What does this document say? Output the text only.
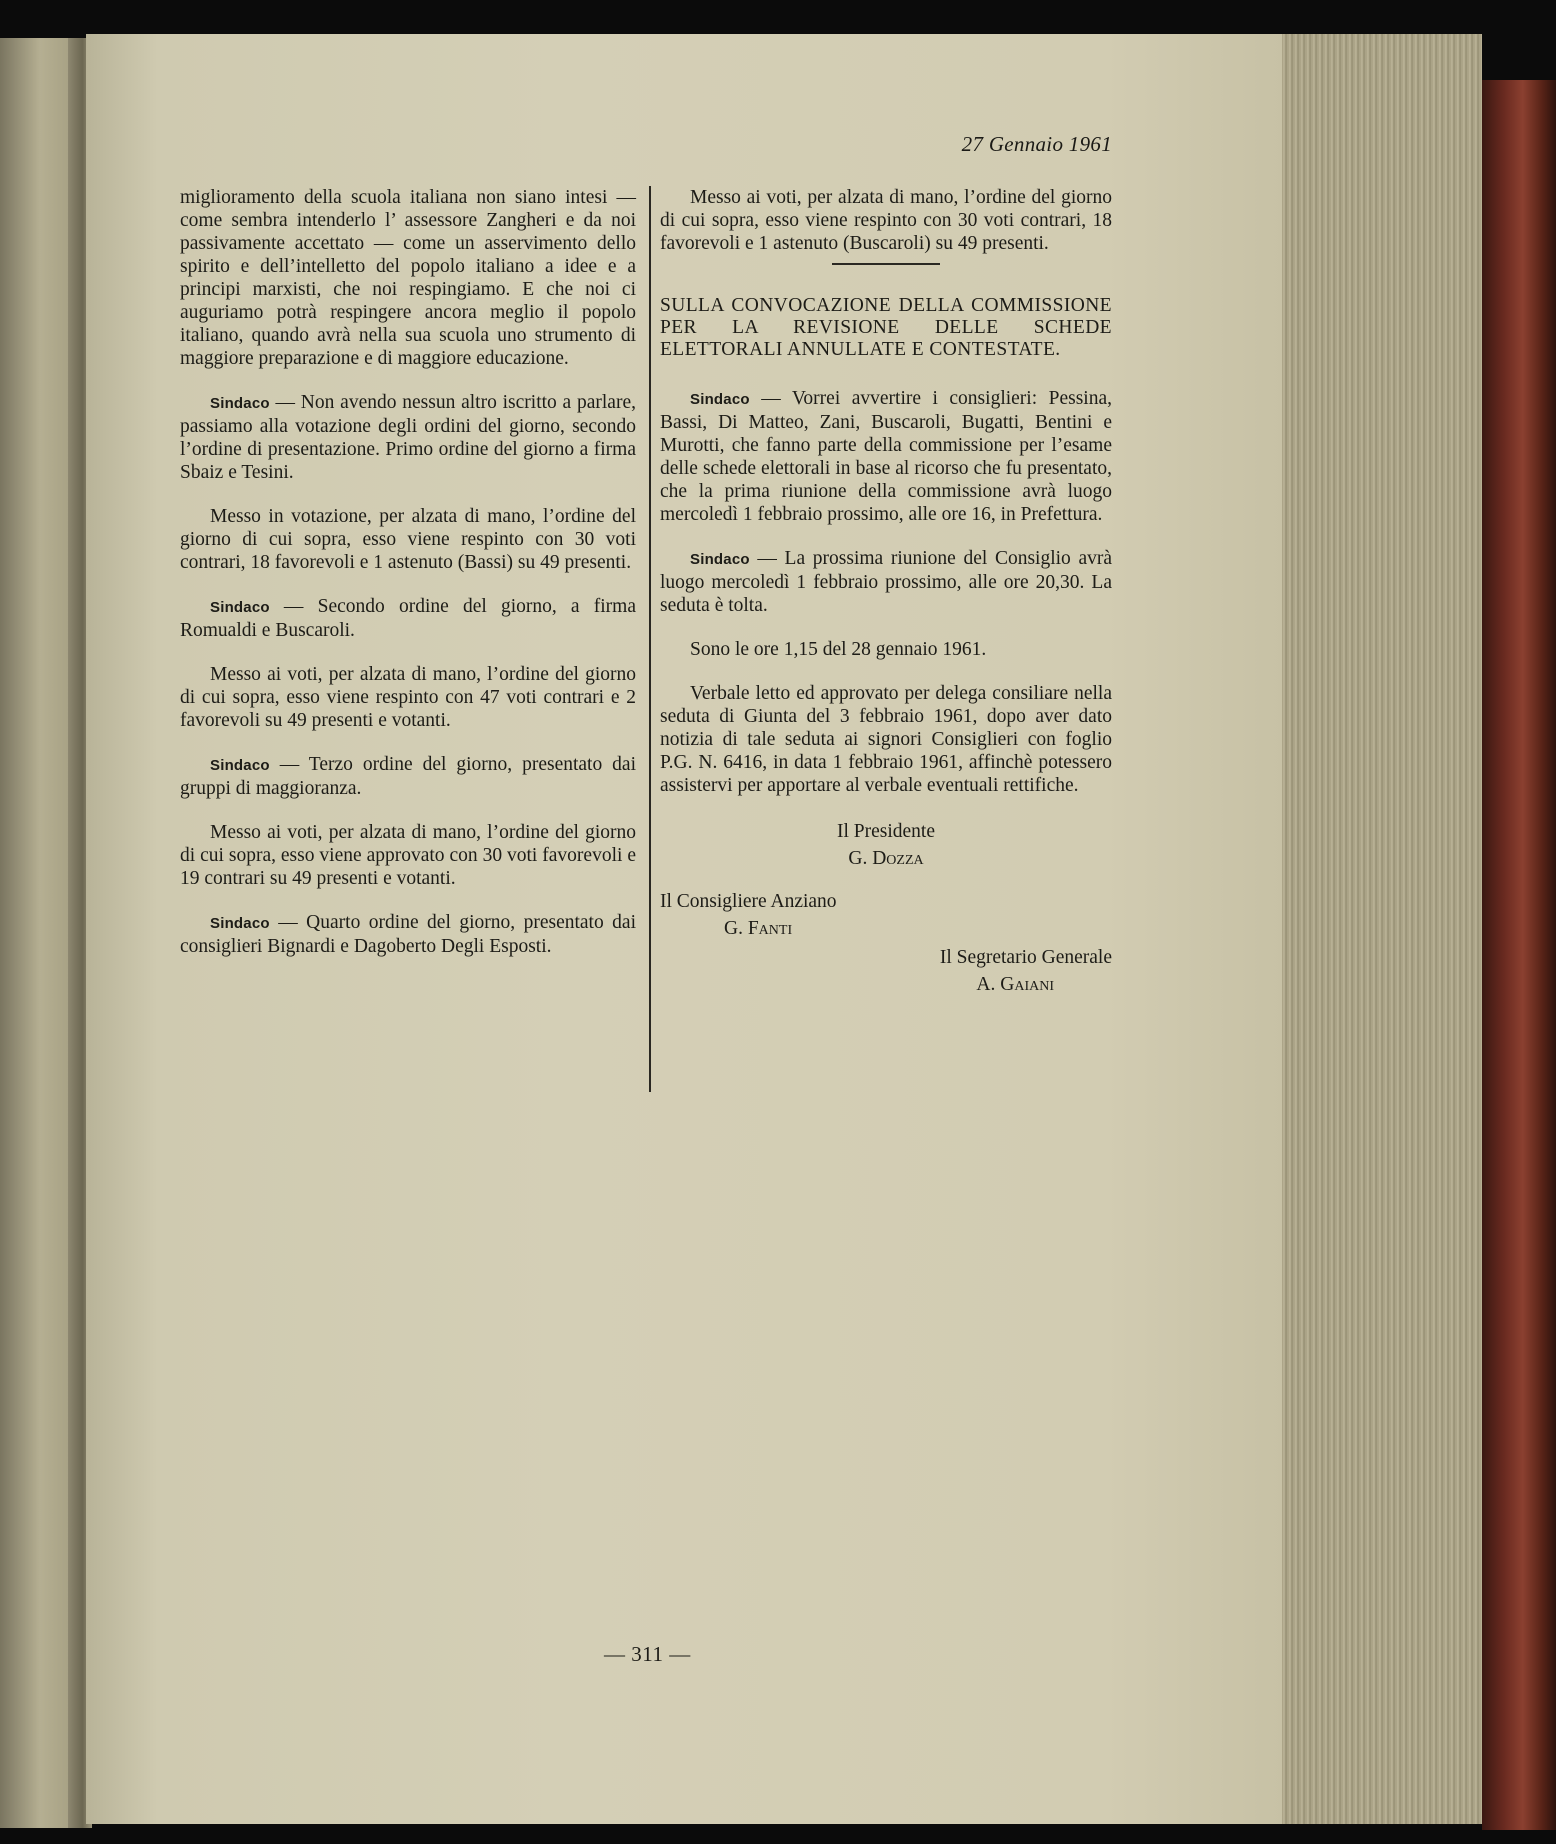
27 Gennaio 1961

miglioramento della scuola italiana non siano intesi — come sembra intenderlo l’ assessore Zangheri e da noi passivamente accettato — come un asservimento dello spirito e dell’intelletto del popolo italiano a idee e a principi marxisti, che noi respingiamo. E che noi ci auguriamo potrà respingere ancora meglio il popolo italiano, quando avrà nella sua scuola uno strumento di maggiore preparazione e di maggiore educazione.

Sindaco — Non avendo nessun altro iscritto a parlare, passiamo alla votazione degli ordini del giorno, secondo l’ordine di presentazione. Primo ordine del giorno a firma Sbaiz e Tesini.

Messo in votazione, per alzata di mano, l’ordine del giorno di cui sopra, esso viene respinto con 30 voti contrari, 18 favorevoli e 1 astenuto (Bassi) su 49 presenti.

Sindaco — Secondo ordine del giorno, a firma Romualdi e Buscaroli.

Messo ai voti, per alzata di mano, l’ordine del giorno di cui sopra, esso viene respinto con 47 voti contrari e 2 favorevoli su 49 presenti e votanti.

Sindaco — Terzo ordine del giorno, presentato dai gruppi di maggioranza.

Messo ai voti, per alzata di mano, l’ordine del giorno di cui sopra, esso viene approvato con 30 voti favorevoli e 19 contrari su 49 presenti e votanti.

Sindaco — Quarto ordine del giorno, presentato dai consiglieri Bignardi e Dagoberto Degli Esposti.

Messo ai voti, per alzata di mano, l’ordine del giorno di cui sopra, esso viene respinto con 30 voti contrari, 18 favorevoli e 1 astenuto (Buscaroli) su 49 presenti.

SULLA CONVOCAZIONE DELLA COMMISSIONE PER LA REVISIONE DELLE SCHEDE ELETTORALI ANNULLATE E CONTESTATE.

Sindaco — Vorrei avvertire i consiglieri: Pessina, Bassi, Di Matteo, Zani, Buscaroli, Bugatti, Bentini e Murotti, che fanno parte della commissione per l’esame delle schede elettorali in base al ricorso che fu presentato, che la prima riunione della commissione avrà luogo mercoledì 1 febbraio prossimo, alle ore 16, in Prefettura.

Sindaco — La prossima riunione del Consiglio avrà luogo mercoledì 1 febbraio prossimo, alle ore 20,30. La seduta è tolta.

Sono le ore 1,15 del 28 gennaio 1961.

Verbale letto ed approvato per delega consiliare nella seduta di Giunta del 3 febbraio 1961, dopo aver dato notizia di tale seduta ai signori Consiglieri con foglio P.G. N. 6416, in data 1 febbraio 1961, affinchè potessero assistervi per apportare al verbale eventuali rettifiche.

Il Presidente
G. Dozza
Il Consigliere Anziano
G. Fanti
Il Segretario Generale
A. Gaiani
— 311 —
